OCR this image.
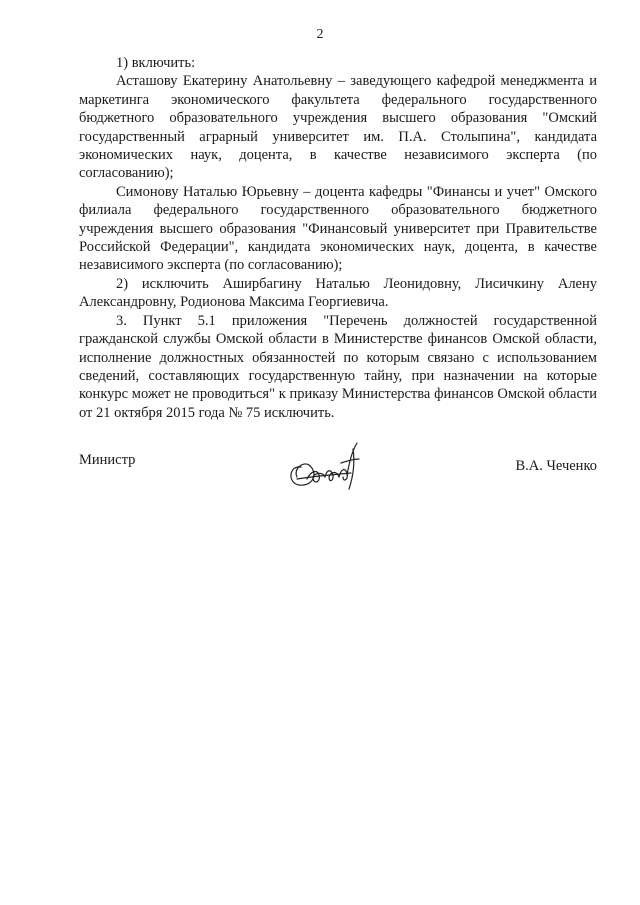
2

1) включить:

Асташову Екатерину Анатольевну – заведующего кафедрой менеджмента и маркетинга экономического факультета федерального государственного бюджетного образовательного учреждения высшего образования "Омский государственный аграрный университет им. П.А. Столыпина", кандидата экономических наук, доцента, в качестве независимого эксперта (по согласованию);

Симонову Наталью Юрьевну – доцента кафедры "Финансы и учет" Омского филиала федерального государственного образовательного бюджетного учреждения высшего образования "Финансовый университет при Правительстве Российской Федерации", кандидата экономических наук, доцента, в качестве независимого эксперта (по согласованию);

2) исключить Аширбагину Наталью Леонидовну, Лисичкину Алену Александровну, Родионова Максима Георгиевича.

3. Пункт 5.1 приложения "Перечень должностей государственной гражданской службы Омской области в Министерстве финансов Омской области, исполнение должностных обязанностей по которым связано с использованием сведений, составляющих государственную тайну, при назначении на которые конкурс может не проводиться" к приказу Министерства финансов Омской области от 21 октября 2015 года № 75 исключить.

Министр	В.А. Чеченко
